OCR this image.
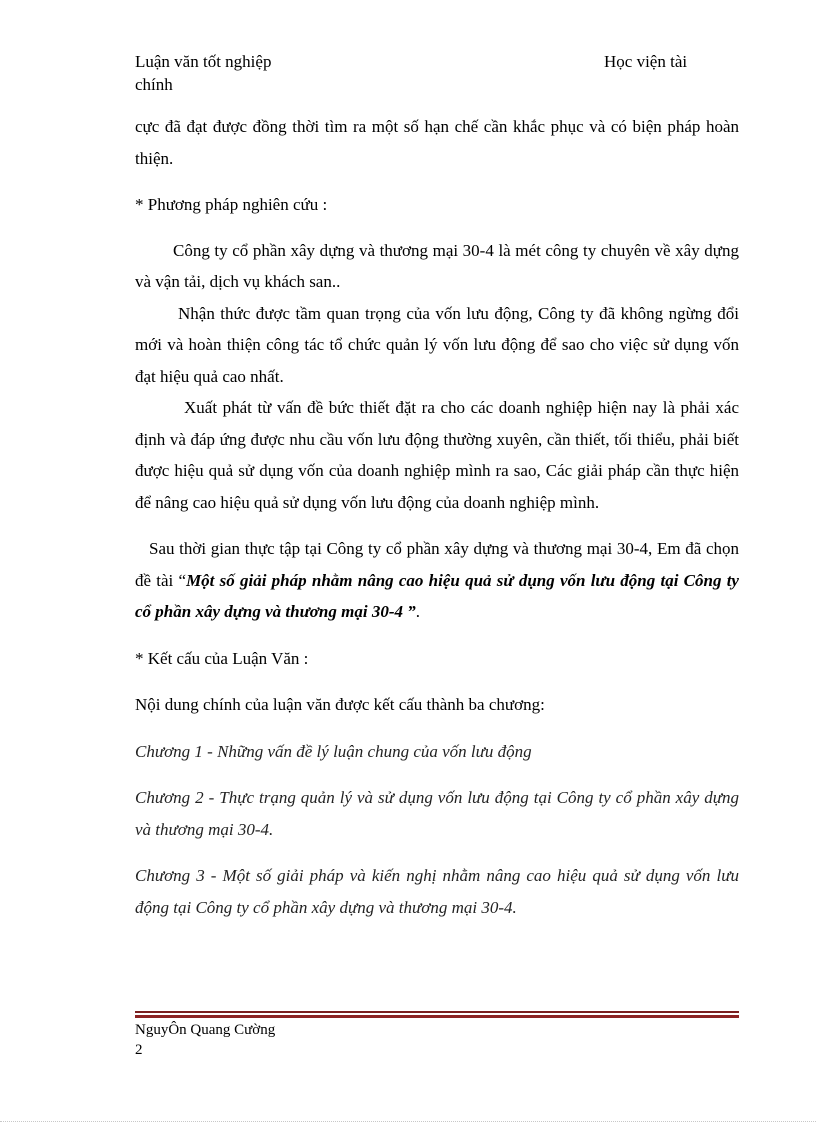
Luận văn tốt nghiệp
chính
Học viện tài

cực đã đạt được đồng thời tìm ra một số hạn chế cần khắc phục và có biện pháp hoàn thiện.

* Phương pháp nghiên cứu :

Công ty cổ phần xây dựng và thương mại 30-4 là mét công ty chuyên về xây dựng và vận tải, dịch vụ khách san..

Nhận thức được tầm quan trọng của vốn lưu động, Công ty đã không ngừng đổi mới và hoàn thiện công tác tổ chức quản lý vốn lưu động để sao cho việc sử dụng vốn đạt hiệu quả cao nhất.

Xuất phát từ vấn đề bức thiết đặt ra cho các doanh nghiệp hiện nay là phải xác định và đáp ứng được nhu cầu vốn lưu động thường xuyên, cần thiết, tối thiểu, phải biết được hiệu quả sử dụng vốn của doanh nghiệp mình ra sao, Các giải pháp cần thực hiện để nâng cao hiệu quả sử dụng vốn lưu động của doanh nghiệp mình.

Sau thời gian thực tập tại Công ty cổ phần xây dựng và thương mại 30-4, Em đã chọn đề tài “Một số giải pháp nhằm nâng cao hiệu quả sử dụng vốn lưu động tại Công ty cổ phần xây dựng và thương mại 30-4 ”.

* Kết cấu của Luận Văn :

Nội dung chính của luận văn được kết cấu thành ba chương:

Chương 1 - Những vấn đề lý luận chung của vốn lưu động

Chương 2 - Thực trạng quản lý và sử dụng vốn lưu động tại Công ty cổ phần xây dựng và thương mại 30-4.

Chương 3 - Một số giải pháp và kiến nghị nhằm nâng cao hiệu quả sử dụng vốn lưu động tại Công ty cổ phần xây dựng và thương mại 30-4.

NguyÔn Quang Cường
2
